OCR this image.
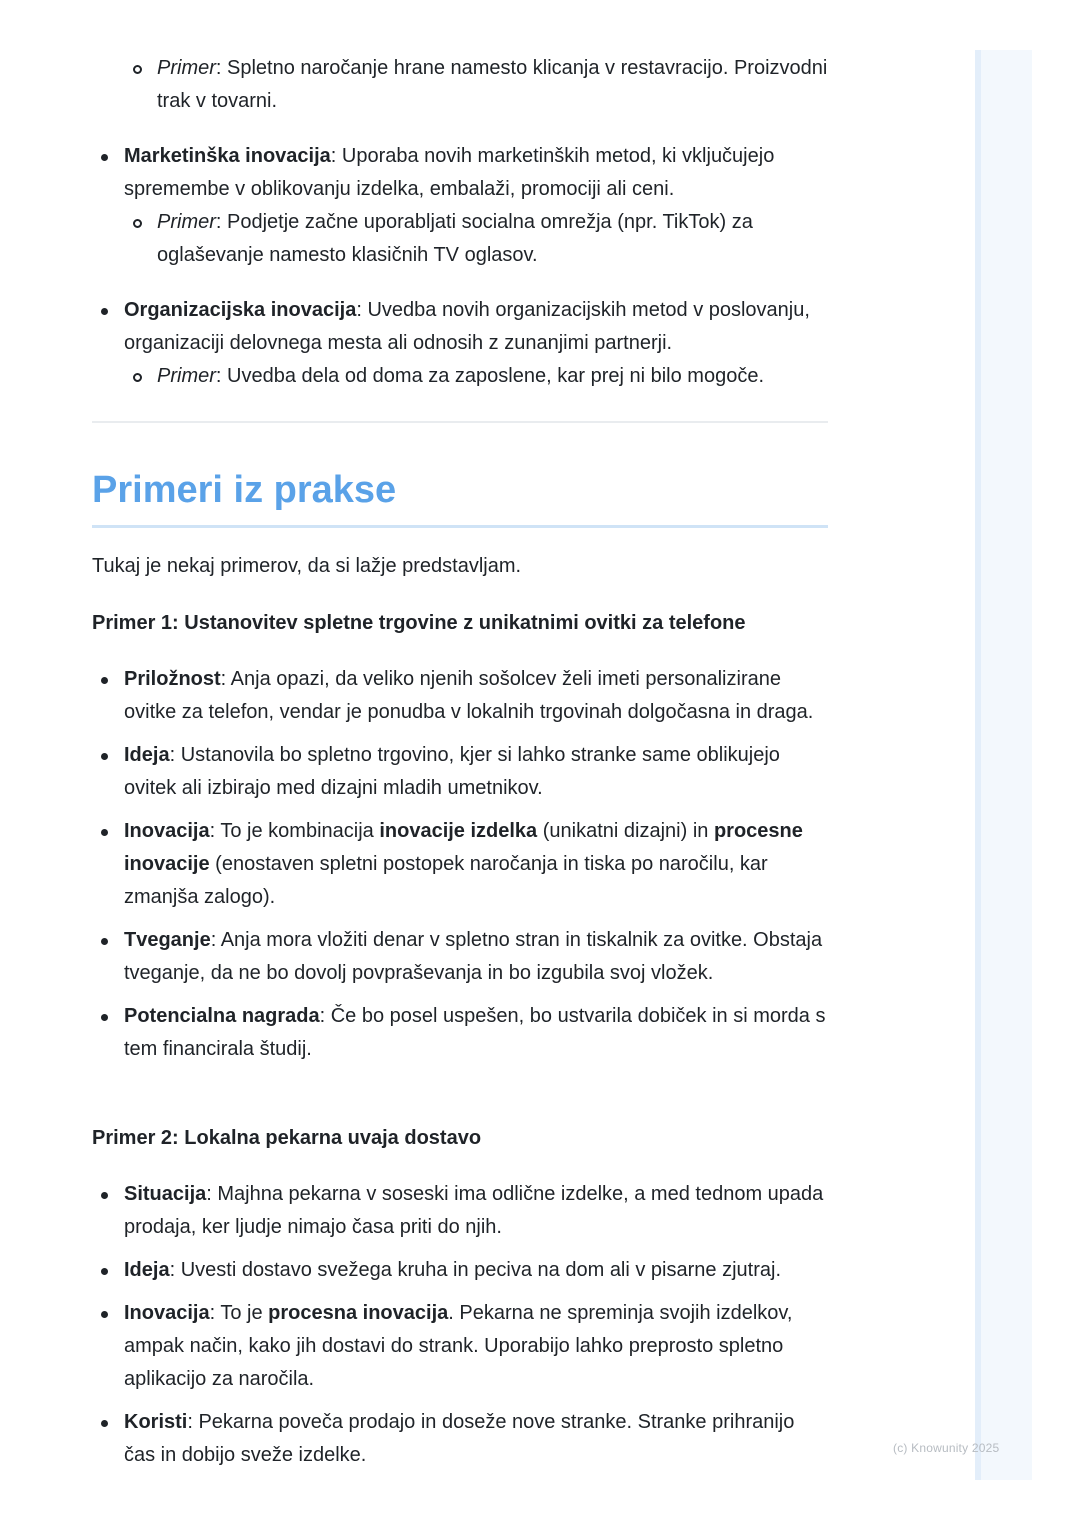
Primer: Spletno naročanje hrane namesto klicanja v restavracijo. Proizvodni trak v tovarni.
Marketinška inovacija: Uporaba novih marketinških metod, ki vključujejo spremembe v oblikovanju izdelka, embalaži, promociji ali ceni.
Primer: Podjetje začne uporabljati socialna omrežja (npr. TikTok) za oglaševanje namesto klasičnih TV oglasov.
Organizacijska inovacija: Uvedba novih organizacijskih metod v poslovanju, organizaciji delovnega mesta ali odnosih z zunanjimi partnerji.
Primer: Uvedba dela od doma za zaposlene, kar prej ni bilo mogoče.
Primeri iz prakse
Tukaj je nekaj primerov, da si lažje predstavljam.
Primer 1: Ustanovitev spletne trgovine z unikatnimi ovitki za telefone
Priložnost: Anja opazi, da veliko njenih sošolcev želi imeti personalizirane ovitke za telefon, vendar je ponudba v lokalnih trgovinah dolgočasna in draga.
Ideja: Ustanovila bo spletno trgovino, kjer si lahko stranke same oblikujejo ovitek ali izbirajo med dizajni mladih umetnikov.
Inovacija: To je kombinacija inovacije izdelka (unikatni dizajni) in procesne inovacije (enostaven spletni postopek naročanja in tiska po naročilu, kar zmanjša zalogo).
Tveganje: Anja mora vložiti denar v spletno stran in tiskalnik za ovitke. Obstaja tveganje, da ne bo dovolj povpraševanja in bo izgubila svoj vložek.
Potencialna nagrada: Če bo posel uspešen, bo ustvarila dobiček in si morda s tem financirala študij.
Primer 2: Lokalna pekarna uvaja dostavo
Situacija: Majhna pekarna v soseski ima odlične izdelke, a med tednom upada prodaja, ker ljudje nimajo časa priti do njih.
Ideja: Uvesti dostavo svežega kruha in peciva na dom ali v pisarne zjutraj.
Inovacija: To je procesna inovacija. Pekarna ne spreminja svojih izdelkov, ampak način, kako jih dostavi do strank. Uporabijo lahko preprosto spletno aplikacijo za naročila.
Koristi: Pekarna poveča prodajo in doseže nove stranke. Stranke prihranijo čas in dobijo sveže izdelke.	(c) Knowunity 2025
